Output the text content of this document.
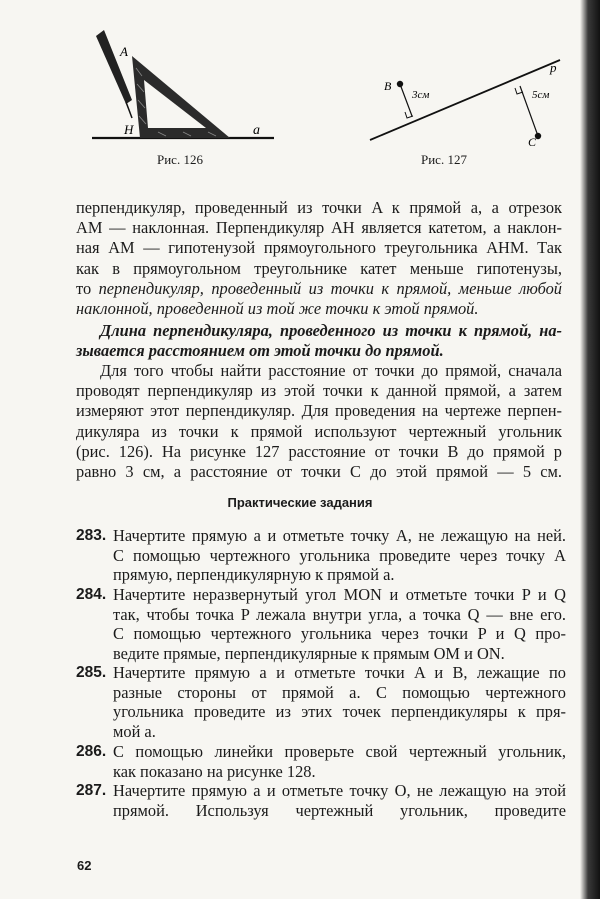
A
H	a
Рис. 126
B
3см
C
5см
p
Рис. 127
перпендикуляр, проведенный из точки A к прямой a, а отрезок
AM — наклонная. Перпендикуляр AH является катетом, а наклон-
ная AM — гипотенузой прямоугольного треугольника AHM. Так
как в прямоугольном треугольнике катет меньше гипотенузы,
то перпендикуляр, проведенный из точки к прямой, меньше любой
наклонной, проведенной из той же точки к этой прямой.
Длина перпендикуляра, проведенного из точки к прямой, на-
зывается расстоянием от этой точки до прямой.
Для того чтобы найти расстояние от точки до прямой, сначала
проводят перпендикуляр из этой точки к данной прямой, а затем
измеряют этот перпендикуляр. Для проведения на чертеже перпен-
дикуляра из точки к прямой используют чертежный угольник
(рис. 126). На рисунке 127 расстояние от точки B до прямой p
равно 3 см, а расстояние от точки C до этой прямой — 5 см.
Практические задания
283. Начертите прямую a и отметьте точку A, не лежащую на ней.
С помощью чертежного угольника проведите через точку A
прямую, перпендикулярную к прямой a.
284. Начертите неразвернутый угол MON и отметьте точки P и Q
так, чтобы точка P лежала внутри угла, а точка Q — вне его.
С помощью чертежного угольника через точки P и Q про-
ведите прямые, перпендикулярные к прямым OM и ON.
285. Начертите прямую a и отметьте точки A и B, лежащие по
разные стороны от прямой a. С помощью чертежного
угольника проведите из этих точек перпендикуляры к пря-
мой a.
286. С помощью линейки проверьте свой чертежный угольник,
как показано на рисунке 128.
287. Начертите прямую a и отметьте точку O, не лежащую на этой
прямой. Используя чертежный угольник, проведите
62
